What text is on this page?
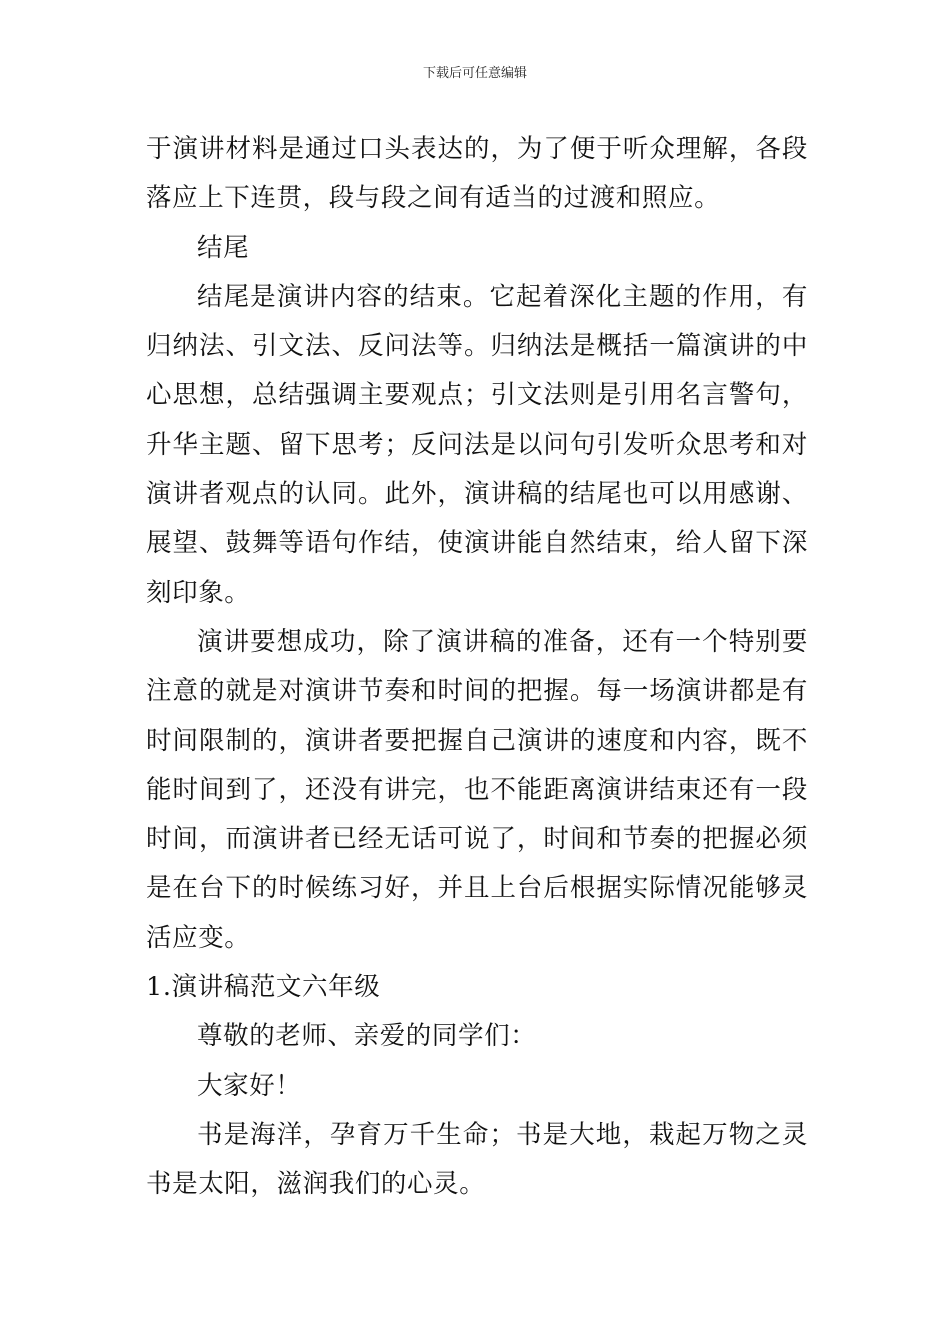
下载后可任意编辑

于演讲材料是通过口头表达的，为了便于听众理解，各段落应上下连贯，段与段之间有适当的过渡和照应。

结尾

结尾是演讲内容的结束。它起着深化主题的作用，有归纳法、引文法、反问法等。归纳法是概括一篇演讲的中心思想，总结强调主要观点；引文法则是引用名言警句，升华主题、留下思考；反问法是以问句引发听众思考和对演讲者观点的认同。此外，演讲稿的结尾也可以用感谢、展望、鼓舞等语句作结，使演讲能自然结束，给人留下深刻印象。

演讲要想成功，除了演讲稿的准备，还有一个特别要注意的就是对演讲节奏和时间的把握。每一场演讲都是有时间限制的，演讲者要把握自己演讲的速度和内容，既不能时间到了，还没有讲完，也不能距离演讲结束还有一段时间，而演讲者已经无话可说了，时间和节奏的把握必须是在台下的时候练习好，并且上台后根据实际情况能够灵活应变。

1.演讲稿范文六年级

尊敬的老师、亲爱的同学们：

大家好！

书是海洋，孕育万千生命；书是大地，栽起万物之灵书是太阳，滋润我们的心灵。
